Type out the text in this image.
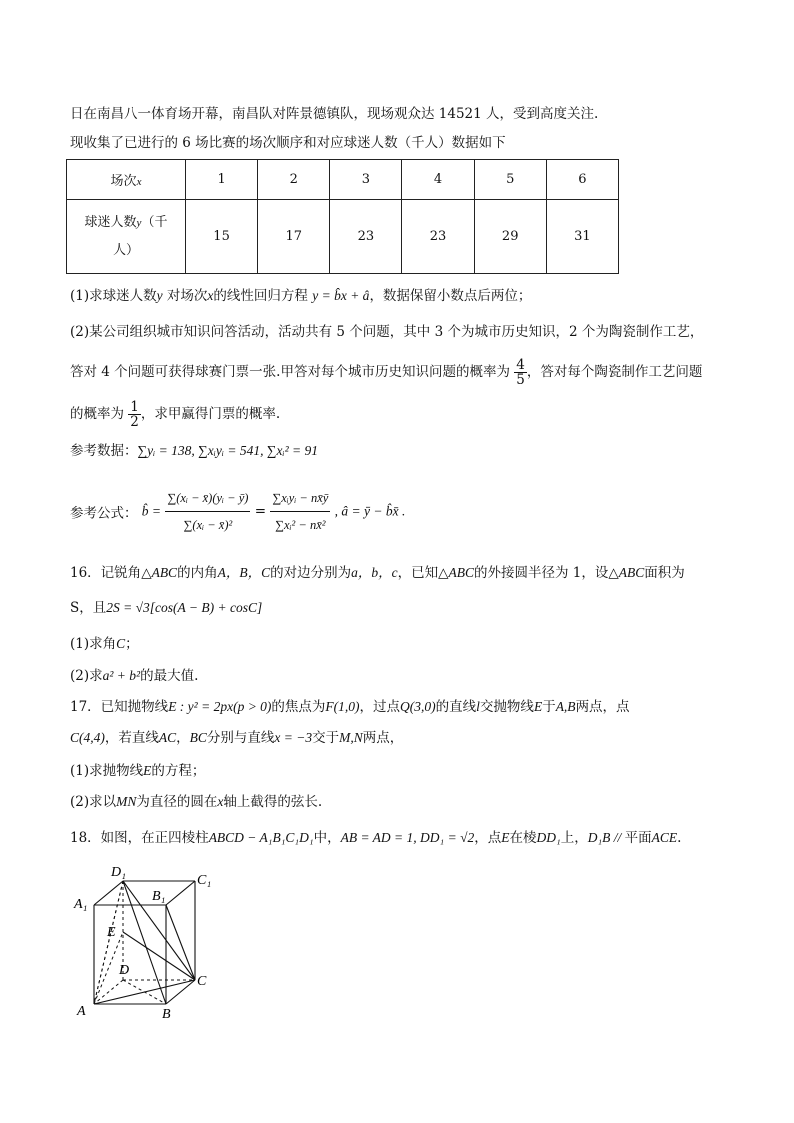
日在南昌八一体育场开幕，南昌队对阵景德镇队，现场观众达 14521 人，受到高度关注.
现收集了已进行的 6 场比赛的场次顺序和对应球迷人数（千人）数据如下
场次x	1	2	3	4	5	6
球迷人数y（千
人）	15	17	23	23	29	31
(1)求球迷人数y 对场次x的线性回归方程 y = b̂x + â，数据保留小数点后两位；
(2)某公司组织城市知识问答活动，活动共有 5 个问题，其中 3 个为城市历史知识，2 个为陶瓷制作工艺，
答对 4 个问题可获得球赛门票一张.甲答对每个城市历史知识问题的概率为 $\frac{4}{5}$ ，答对每个陶瓷制作工艺问题
的概率为 $\frac{1}{2}$ ，求甲赢得门票的概率.
参考数据：∑yᵢ = 138, ∑xᵢyᵢ = 541, ∑xᵢ² = 91
参考公式： b̂ = $\frac{\text{∑(xᵢ − x̄)(yᵢ − ȳ)}}{\text{∑(xᵢ − x̄)²}} = \frac{\text{∑xᵢyᵢ − nx̄ȳ}}{\text{∑xᵢ² − nx̄²}}$ , â = ȳ − b̂x̄ .
16．记锐角△ABC的内角A，B，C的对边分别为a，b，c，已知△ABC的外接圆半径为 1，设△ABC面积为
S，且2S = √3[cos(A − B) + cosC]
(1)求角C；
(2)求a² + b²的最大值.
17．已知抛物线E : y² = 2px(p > 0)的焦点为F(1,0)，过点Q(3,0)的直线l交抛物线E于A,B两点，点
C(4,4)，若直线AC，BC分别与直线x = −3交于M,N两点，
(1)求抛物线E的方程；
(2)求以MN为直径的圆在x轴上截得的弦长.
18．如图，在正四棱柱ABCD − A₁B₁C₁D₁中，AB = AD = 1, DD₁ = √2，点E在棱DD₁上，D₁B // 平面ACE.
D₁
C₁
A₁
B₁
E
D
C
A	B
